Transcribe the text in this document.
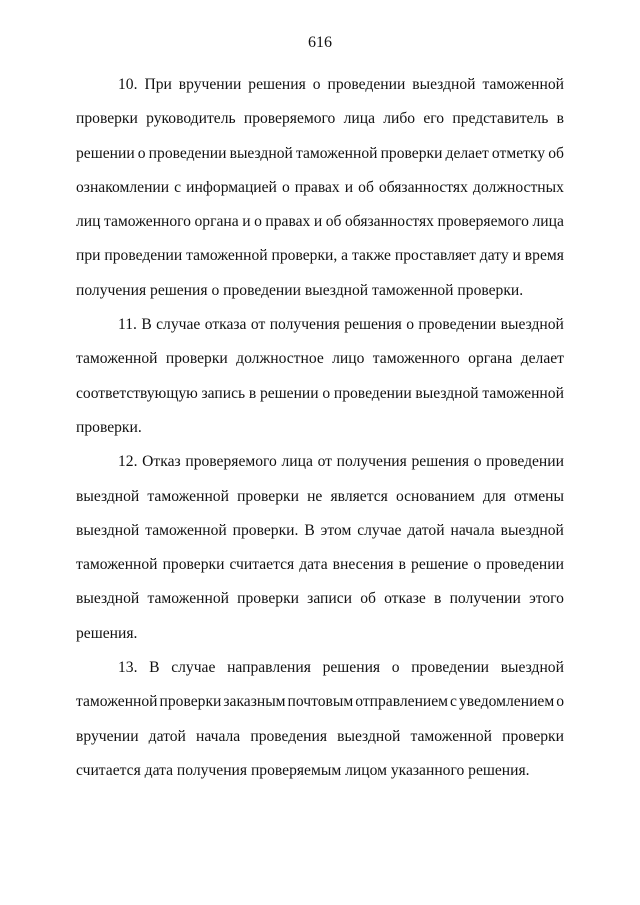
616
10. При вручении решения о проведении выездной таможенной
проверки руководитель проверяемого лица либо его представитель в
решении о проведении выездной таможенной проверки делает отметку об
ознакомлении с информацией о правах и об обязанностях должностных
лиц таможенного органа и о правах и об обязанностях проверяемого лица
при проведении таможенной проверки, а также проставляет дату и время
получения решения о проведении выездной таможенной проверки.
11. В случае отказа от получения решения о проведении выездной
таможенной проверки должностное лицо таможенного органа делает
соответствующую запись в решении о проведении выездной таможенной
проверки.
12. Отказ проверяемого лица от получения решения о проведении
выездной таможенной проверки не является основанием для отмены
выездной таможенной проверки. В этом случае датой начала выездной
таможенной проверки считается дата внесения в решение о проведении
выездной таможенной проверки записи об отказе в получении этого
решения.
13. В случае направления решения о проведении выездной
таможенной проверки заказным почтовым отправлением с уведомлением о
вручении датой начала проведения выездной таможенной проверки
считается дата получения проверяемым лицом указанного решения.
